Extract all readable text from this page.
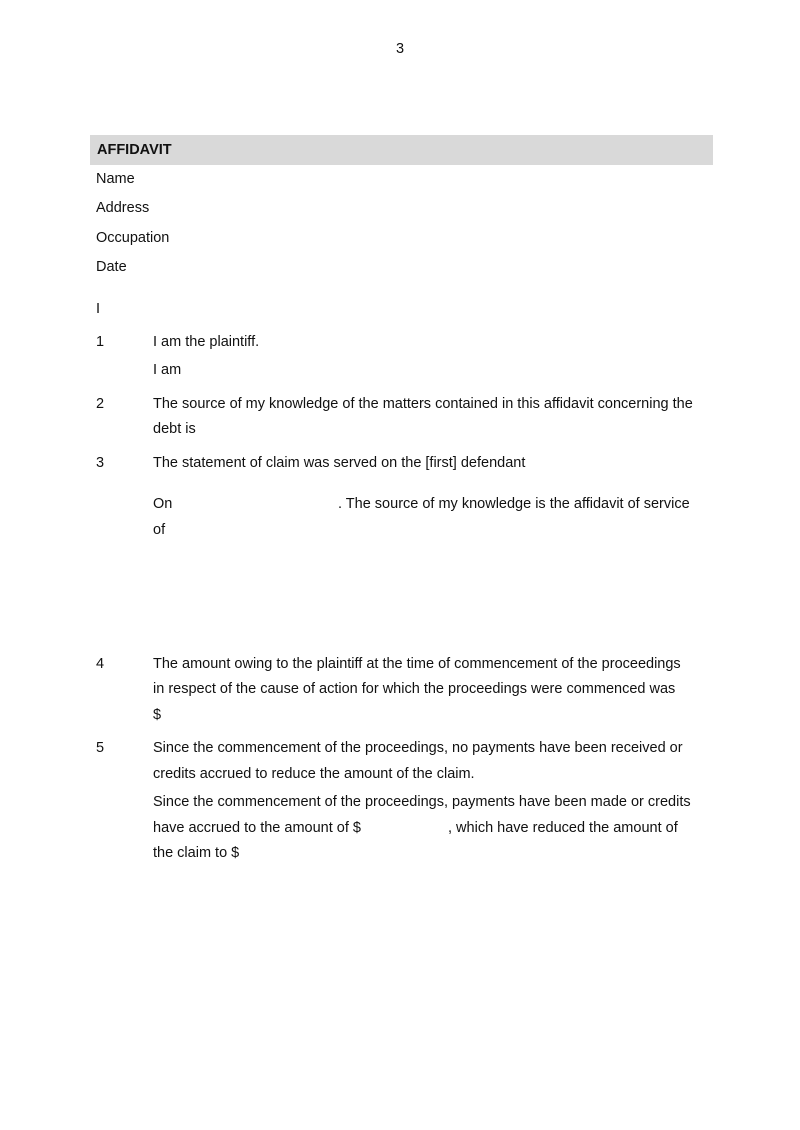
3
AFFIDAVIT
Name
Address
Occupation
Date
I
1	I am the plaintiff.
I am
2	The source of my knowledge of the matters contained in this affidavit concerning the
debt is
3	The statement of claim was served on the [first] defendant
On	. The source of my knowledge is the affidavit of service
of
4	The amount owing to the plaintiff at the time of commencement of the proceedings
in respect of the cause of action for which the proceedings were commenced was
$
5	Since the commencement of the proceedings, no payments have been received or
credits accrued to reduce the amount of the claim.
Since the commencement of the proceedings, payments have been made or credits
have accrued to the amount of $	, which have reduced the amount of
the claim to $
